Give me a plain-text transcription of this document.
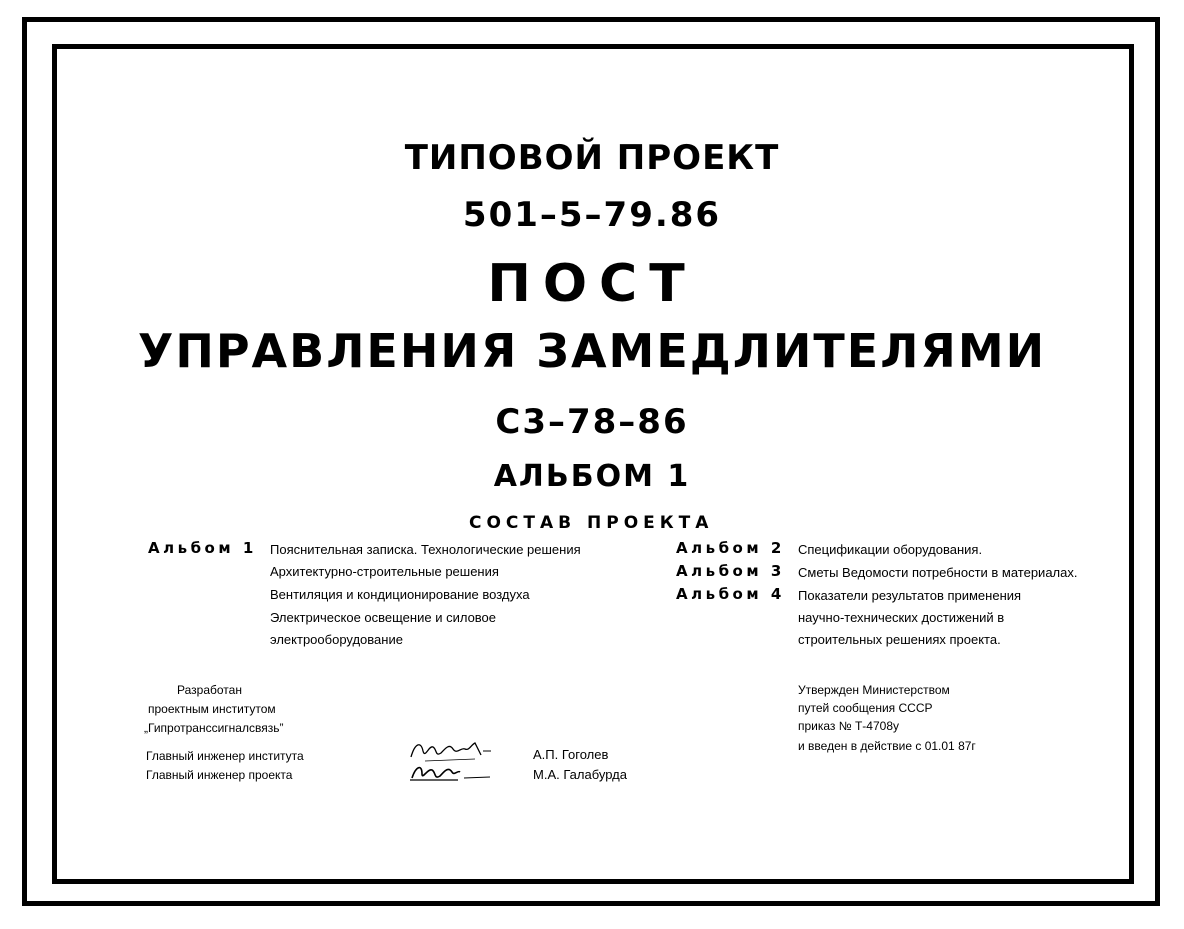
ТИПОВОЙ ПРОЕКТ
501–5–79.86
ПОСТ
УПРАВЛЕНИЯ ЗАМЕДЛИТЕЛЯМИ
С3–78–86
АЛЬБОМ 1
СОСТАВ ПРОЕКТА
Альбом 1 Пояснительная записка. Технологические решения
Архитектурно-строительные решения
Вентиляция и кондиционирование воздуха
Электрическое освещение и силовое
электрооборудование
Альбом 2 Спецификации оборудования.
Альбом 3 Сметы Ведомости потребности в материалах.
Альбом 4 Показатели результатов применения
научно-технических достижений в
строительных решениях проекта.
Разработан
проектным институтом
„Гипротранссигналсвязь”
Главный инженер института
Главный инженер проекта
А.П. Гоголев
М.А. Галабурда
Утвержден Министерством
путей сообщения СССР
приказ № Т-4708у
и введен в действие с 01.01 87г
